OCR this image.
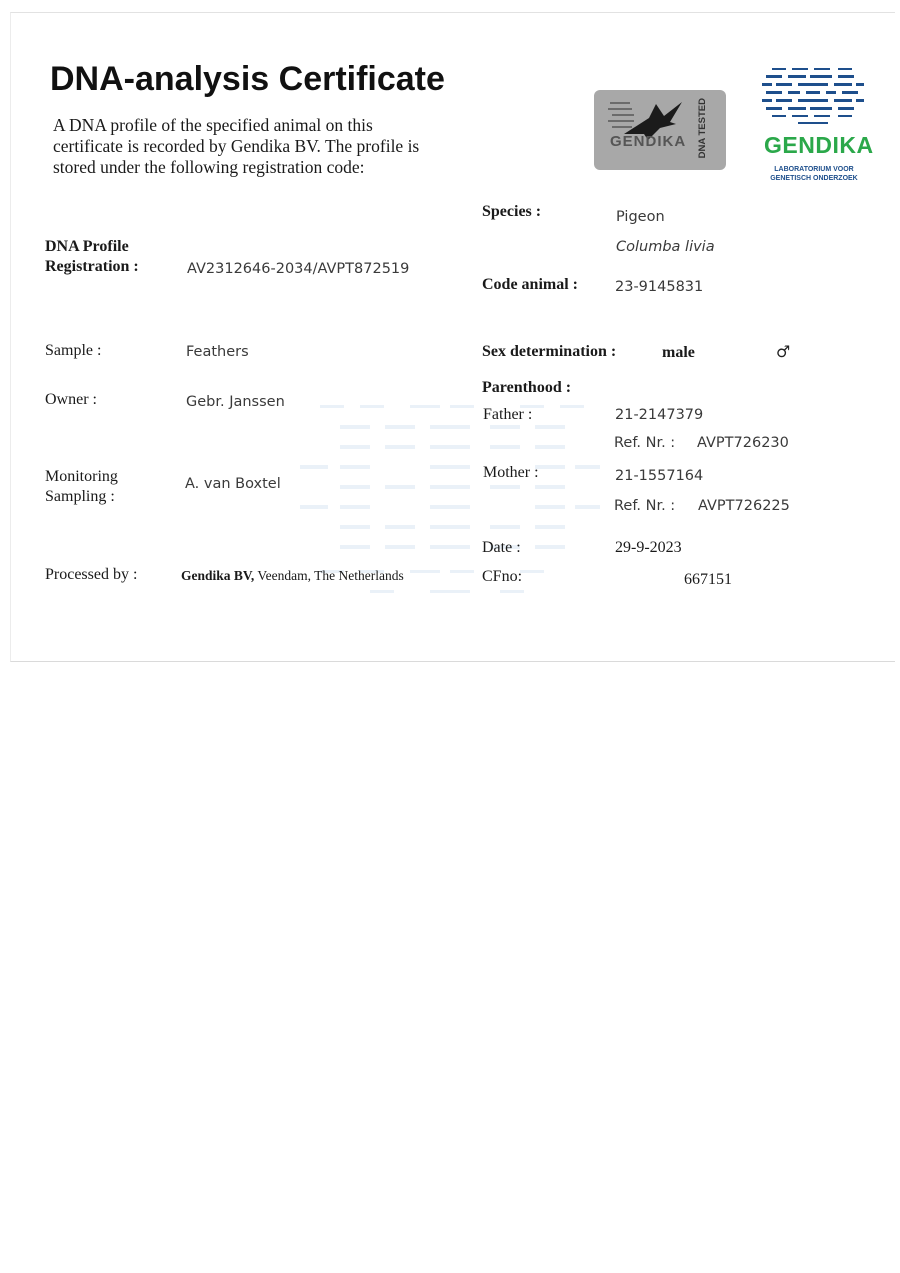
DNA-analysis Certificate
A DNA profile of the specified animal on this certificate is recorded by Gendika BV. The profile is stored under the following registration code:
GENDIKA DNA TESTED GENDIKA
LABORATORIUM VOOR GENETISCH ONDERZOEK
DNA Profile
Registration :	AV2312646-2034/AVPT872519
Sample :	Feathers
Owner :	Gebr. Janssen
Monitoring
Sampling :
A. van Boxtel
Processed by :	Gendika BV, Veendam, The Netherlands
Species :	Pigeon
Columba livia
Code animal :	23-9145831
Sex determination :	male	♂
Parenthood :
Father :	21-2147379
Ref. Nr. : AVPT726230
Mother :	21-1557164
Ref. Nr. : AVPT726225
Date :	29-9-2023
CFno:	667151
